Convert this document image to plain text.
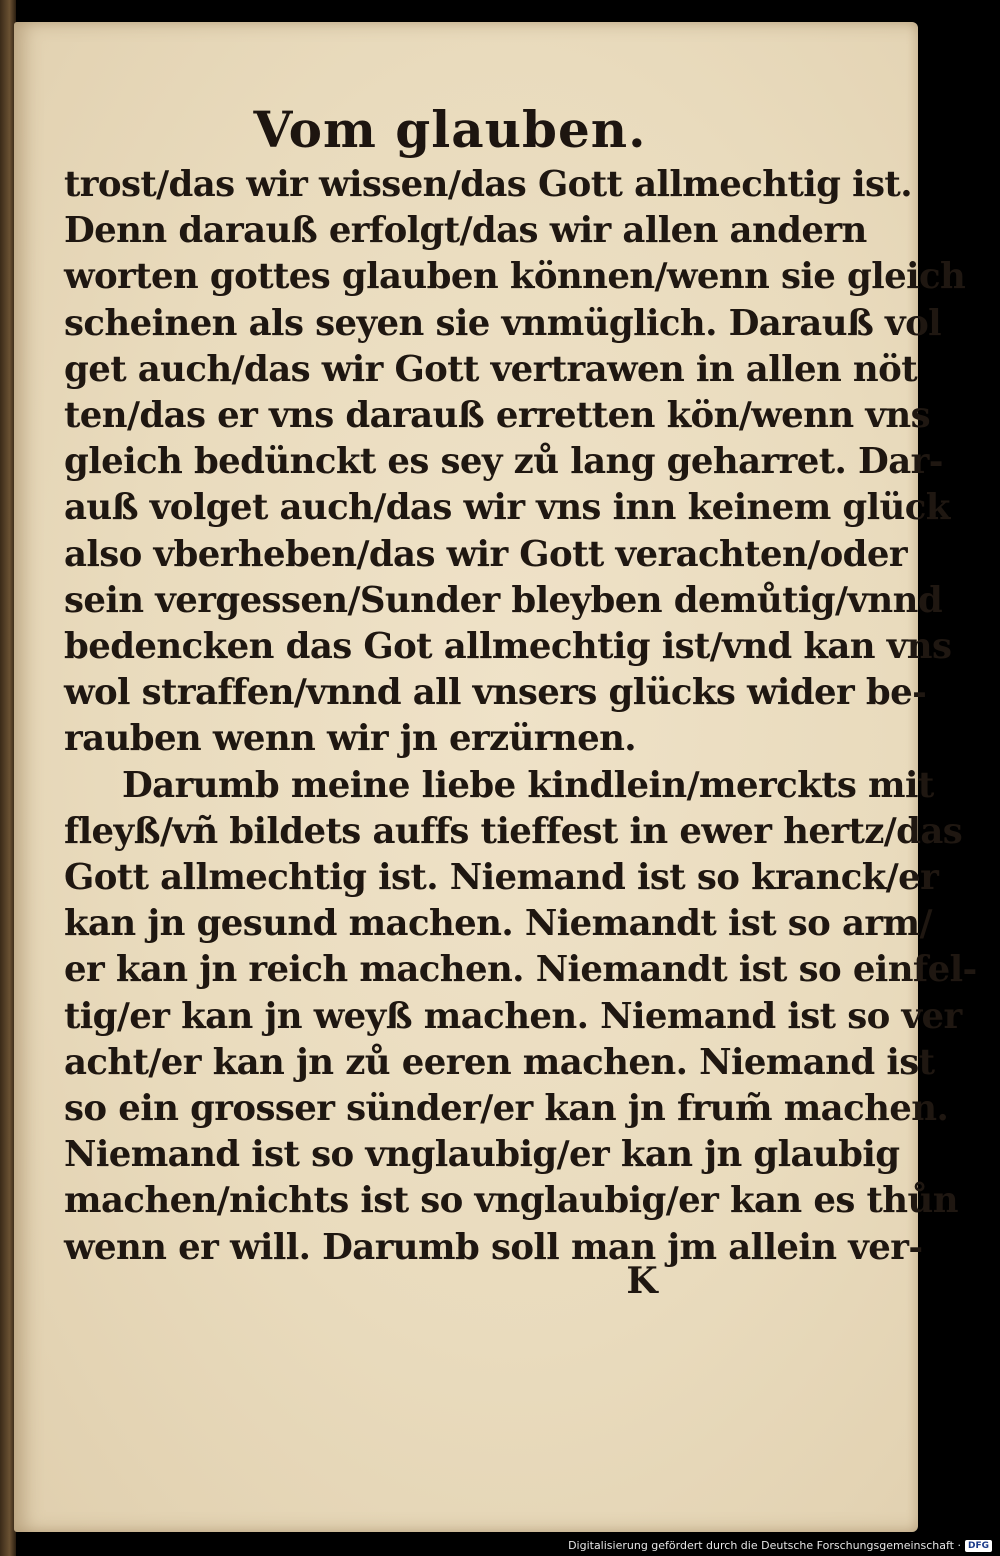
Vom glauben.
trost/das wir wissen/das Gott allmechtig ist.
Denn darauß erfolgt/das wir allen andern
worten gottes glauben können/wenn sie gleich
scheinen als seyen sie vnmüglich. Darauß vol
get auch/das wir Gott vertrawen in allen nöt
ten/das er vns darauß erretten kön/wenn vns
gleich bedünckt es sey zů lang geharret. Dar-
auß volget auch/das wir vns inn keinem glück
also vberheben/das wir Gott verachten/oder
sein vergessen/Sunder bleyben demůtig/vnnd
bedencken das Got allmechtig ist/vnd kan vns
wol straffen/vnnd all vnsers glücks wider be-
rauben wenn wir jn erzürnen.
Darumb meine liebe kindlein/merckts mit
fleyß/vñ bildets auffs tieffest in ewer hertz/das
Gott allmechtig ist. Niemand ist so kranck/er
kan jn gesund machen. Niemandt ist so arm/
er kan jn reich machen. Niemandt ist so einfel-
tig/er kan jn weyß machen. Niemand ist so ver
acht/er kan jn zů eeren machen. Niemand ist
so ein grosser sünder/er kan jn frum̃ machen.
Niemand ist so vnglaubig/er kan jn glaubig
machen/nichts ist so vnglaubig/er kan es thůn
wenn er will. Darumb soll man jm allein ver-
K
Digitalisierung gefördert durch die Deutsche Forschungsgemeinschaft · DFG
